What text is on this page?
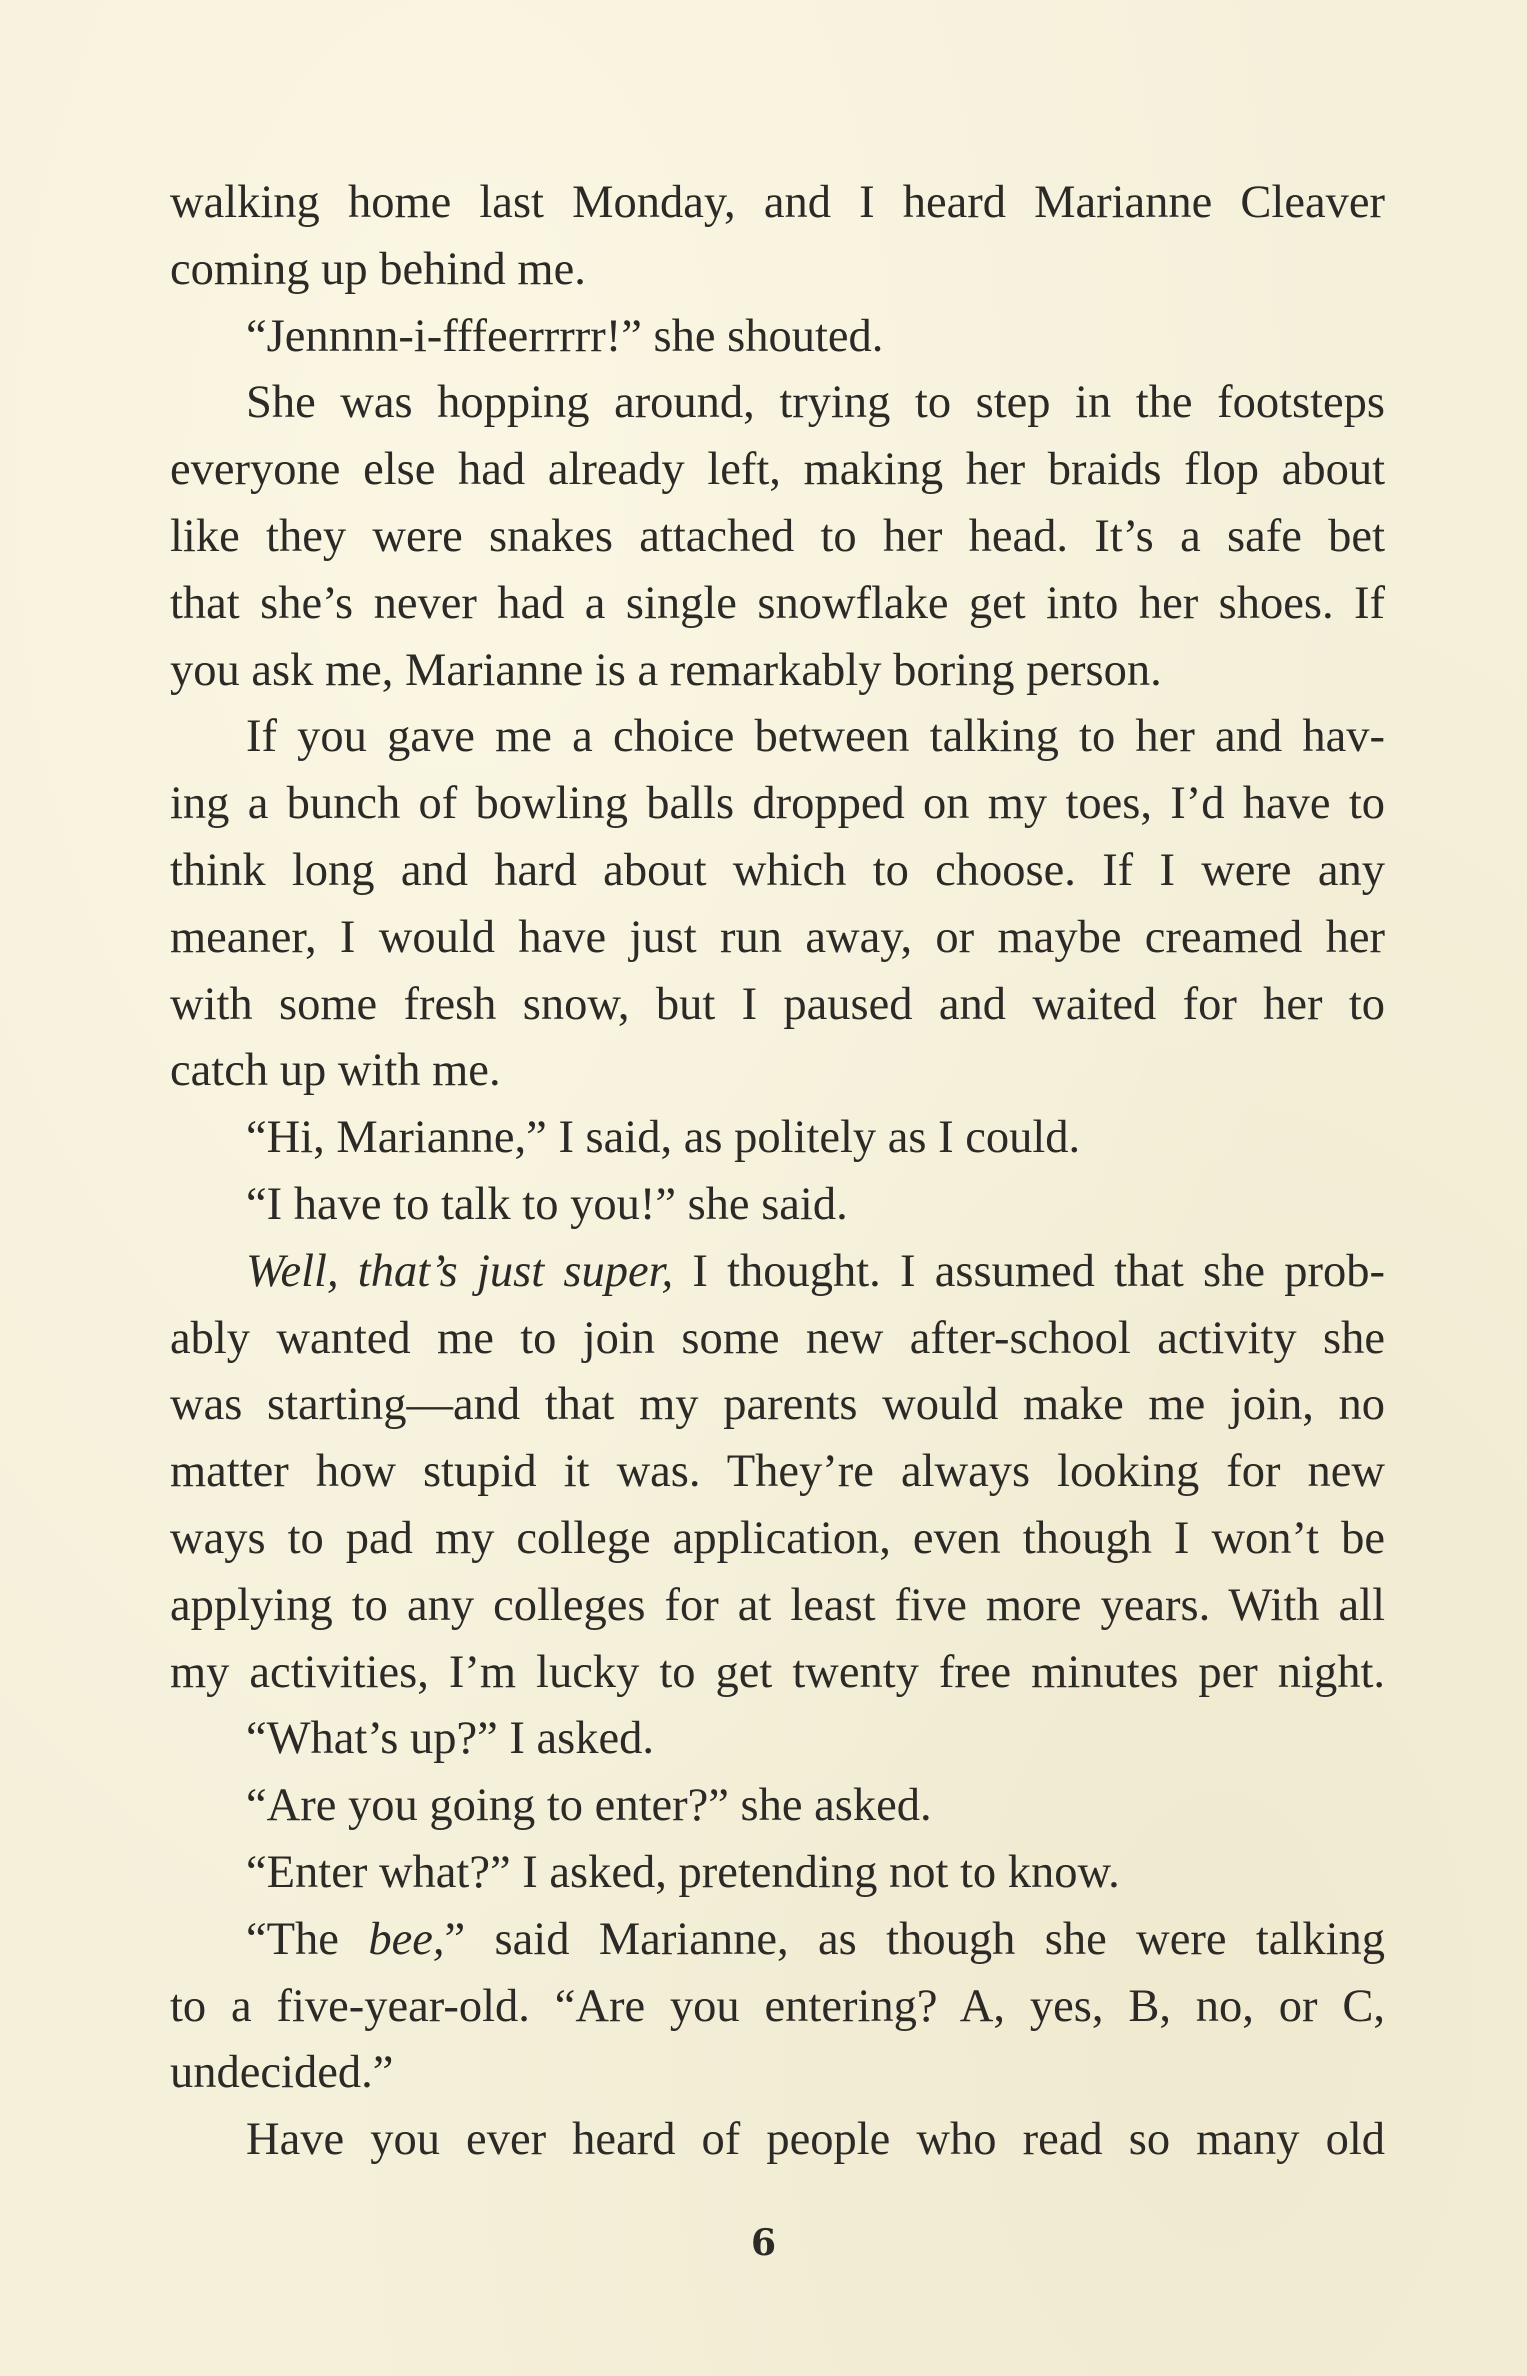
walking home last Monday, and I heard Marianne Cleaver
coming up behind me.
“Jennnn-i-fffeerrrrr!” she shouted.
She was hopping around, trying to step in the footsteps
everyone else had already left, making her braids flop about
like they were snakes attached to her head. It’s a safe bet
that she’s never had a single snowflake get into her shoes. If
you ask me, Marianne is a remarkably boring person.
If you gave me a choice between talking to her and hav-
ing a bunch of bowling balls dropped on my toes, I’d have to
think long and hard about which to choose. If I were any
meaner, I would have just run away, or maybe creamed her
with some fresh snow, but I paused and waited for her to
catch up with me.
“Hi, Marianne,” I said, as politely as I could.
“I have to talk to you!” she said.
Well, that’s just super, I thought. I assumed that she prob-
ably wanted me to join some new after-school activity she
was starting—and that my parents would make me join, no
matter how stupid it was. They’re always looking for new
ways to pad my college application, even though I won’t be
applying to any colleges for at least five more years. With all
my activities, I’m lucky to get twenty free minutes per night.
“What’s up?” I asked.
“Are you going to enter?” she asked.
“Enter what?” I asked, pretending not to know.
“The bee,” said Marianne, as though she were talking
to a five-year-old. “Are you entering? A, yes, B, no, or C,
undecided.”
Have you ever heard of people who read so many old
6
